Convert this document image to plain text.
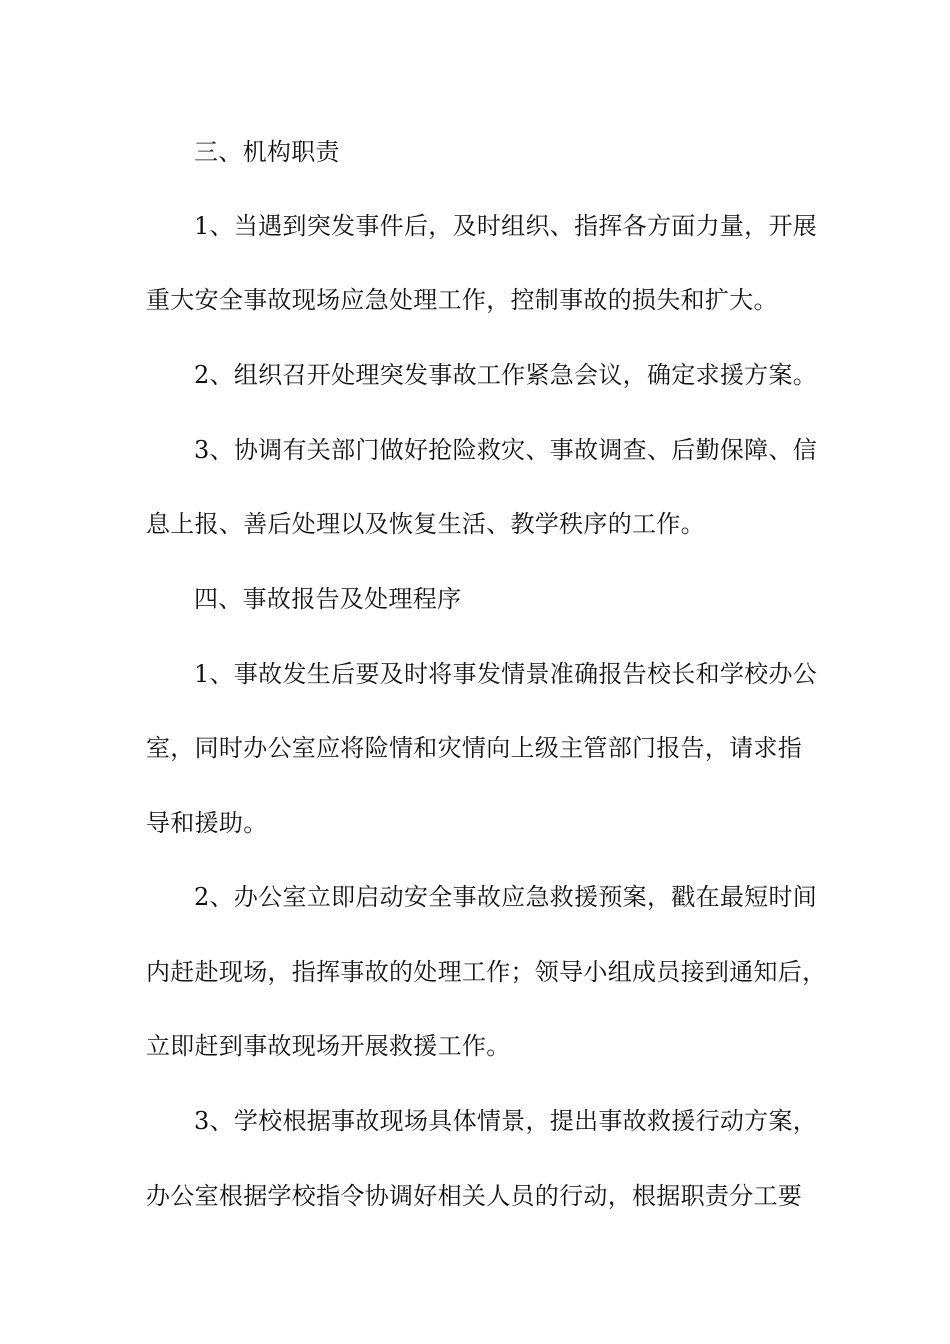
三、机构职责
1、当遇到突发事件后，及时组织、指挥各方面力量，开展
重大安全事故现场应急处理工作，控制事故的损失和扩大。
2、组织召开处理突发事故工作紧急会议，确定求援方案。
3、协调有关部门做好抢险救灾、事故调查、后勤保障、信
息上报、善后处理以及恢复生活、教学秩序的工作。
四、事故报告及处理程序
1、事故发生后要及时将事发情景准确报告校长和学校办公
室，同时办公室应将险情和灾情向上级主管部门报告，请求指
导和援助。
2、办公室立即启动安全事故应急救援预案，戳在最短时间
内赶赴现场，指挥事故的处理工作；领导小组成员接到通知后，
立即赶到事故现场开展救援工作。
3、学校根据事故现场具体情景，提出事故救援行动方案，
办公室根据学校指令协调好相关人员的行动，根据职责分工要
